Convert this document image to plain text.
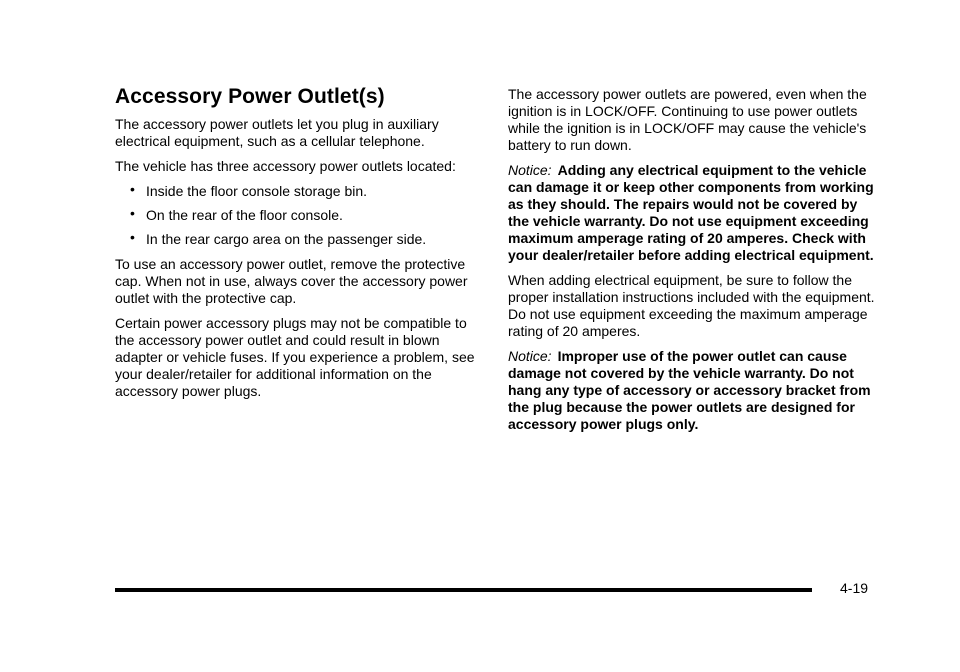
Accessory Power Outlet(s)

The accessory power outlets let you plug in auxiliary electrical equipment, such as a cellular telephone.

The vehicle has three accessory power outlets located:

• Inside the floor console storage bin.
• On the rear of the floor console.
• In the rear cargo area on the passenger side.

To use an accessory power outlet, remove the protective cap. When not in use, always cover the accessory power outlet with the protective cap.

Certain power accessory plugs may not be compatible to the accessory power outlet and could result in blown adapter or vehicle fuses. If you experience a problem, see your dealer/retailer for additional information on the accessory power plugs.

The accessory power outlets are powered, even when the ignition is in LOCK/OFF. Continuing to use power outlets while the ignition is in LOCK/OFF may cause the vehicle's battery to run down.

Notice: Adding any electrical equipment to the vehicle can damage it or keep other components from working as they should. The repairs would not be covered by the vehicle warranty. Do not use equipment exceeding maximum amperage rating of 20 amperes. Check with your dealer/retailer before adding electrical equipment.

When adding electrical equipment, be sure to follow the proper installation instructions included with the equipment. Do not use equipment exceeding the maximum amperage rating of 20 amperes.

Notice: Improper use of the power outlet can cause damage not covered by the vehicle warranty. Do not hang any type of accessory or accessory bracket from the plug because the power outlets are designed for accessory power plugs only.

4-19
